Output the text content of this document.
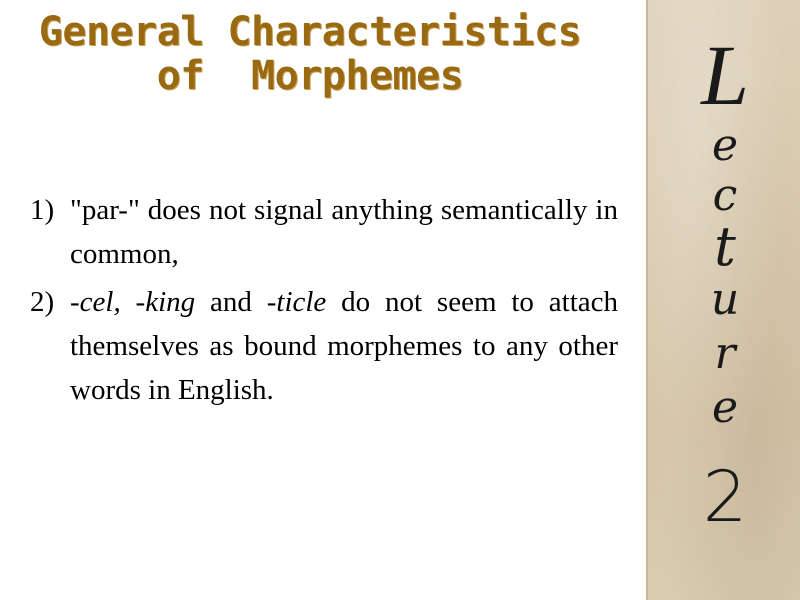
General Characteristics
of  Morphemes
1) "par-" does not signal anything semantically in common,
2) -cel, -king and -ticle do not seem to attach themselves as bound morphemes to any other words in English.
L
e
c
t
u
r
e
2
